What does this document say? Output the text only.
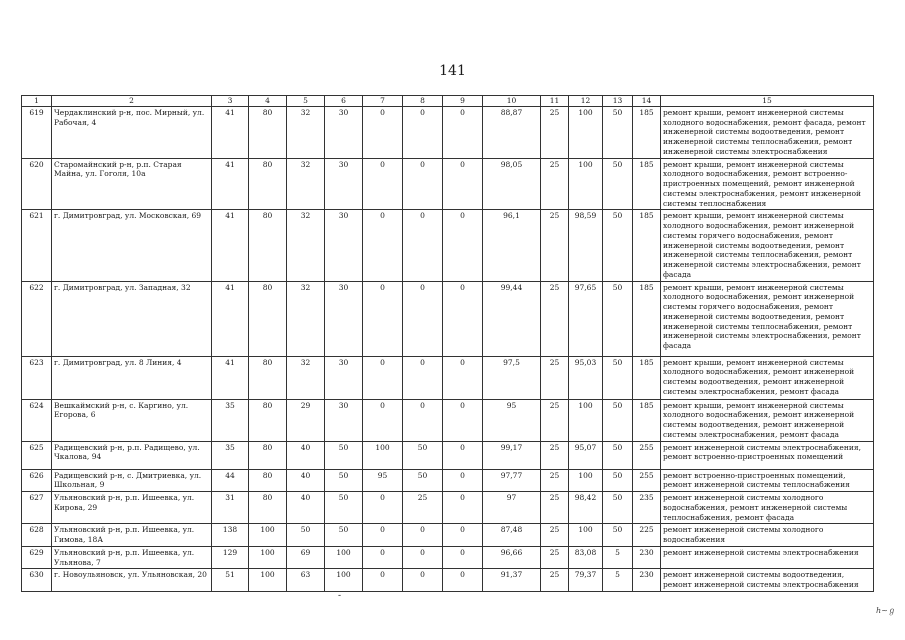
141
1	2	3	4	5	6	7	8	9	10	11	12	13	14	15
619	Чердаклинский р-н, пос. Мирный, ул. Рабочая, 4	41	80	32	30	0	0	0	88,87	25	100	50	185	ремонт крыши, ремонт инженерной системы холодного водоснабжения, ремонт фасада, ремонт инженерной системы водоотведения, ремонт инженерной системы теплоснабжения, ремонт инженерной системы электроснабжения
620	Старомайнский р-н, р.п. Старая Майна, ул. Гоголя, 10а	41	80	32	30	0	0	0	98,05	25	100	50	185	ремонт крыши, ремонт инженерной системы холодного водоснабжения, ремонт встроенно-пристроенных помещений, ремонт инженерной системы электроснабжения, ремонт инженерной системы теплоснабжения
621	г. Димитровград, ул. Московская, 69	41	80	32	30	0	0	0	96,1	25	98,59	50	185	ремонт крыши, ремонт инженерной системы холодного водоснабжения, ремонт инженерной системы горячего водоснабжения, ремонт инженерной системы водоотведения, ремонт инженерной системы теплоснабжения, ремонт инженерной системы электроснабжения, ремонт фасада
622	г. Димитровград, ул. Западная, 32	41	80	32	30	0	0	0	99,44	25	97,65	50	185	ремонт крыши, ремонт инженерной системы холодного водоснабжения, ремонт инженерной системы горячего водоснабжения, ремонт инженерной системы водоотведения, ремонт инженерной системы теплоснабжения, ремонт инженерной системы электроснабжения, ремонт фасада
623	г. Димитровград, ул. 8 Линия, 4	41	80	32	30	0	0	0	97,5	25	95,03	50	185	ремонт крыши, ремонт инженерной системы холодного водоснабжения, ремонт инженерной системы водоотведения, ремонт инженерной системы электроснабжения, ремонт фасада
624	Вешкаймский р-н, с. Каргино, ул. Егорова, 6	35	80	29	30	0	0	0	95	25	100	50	185	ремонт крыши, ремонт инженерной системы холодного водоснабжения, ремонт инженерной системы водоотведения, ремонт инженерной системы электроснабжения, ремонт фасада
625	Радищевский р-н, р.п. Радищево, ул. Чкалова, 94	35	80	40	50	100	50	0	99,17	25	95,07	50	255	ремонт инженерной системы электроснабжения, ремонт встроенно-пристроенных помещений
626	Радищевский р-н, с. Дмитриевка, ул. Школьная, 9	44	80	40	50	95	50	0	97,77	25	100	50	255	ремонт встроенно-пристроенных помещений, ремонт инженерной системы теплоснабжения
627	Ульяновский р-н, р.п. Ишеевка, ул. Кирова, 29	31	80	40	50	0	25	0	97	25	98,42	50	235	ремонт инженерной системы холодного водоснабжения, ремонт инженерной системы теплоснабжения, ремонт фасада
628	Ульяновский р-н, р.п. Ишеевка, ул. Гимова, 18А	138	100	50	50	0	0	0	87,48	25	100	50	225	ремонт инженерной системы холодного водоснабжения
629	Ульяновский р-н, р.п. Ишеевка, ул. Ульянова, 7	129	100	69	100	0	0	0	96,66	25	83,08	5	230	ремонт инженерной системы электроснабжения
630	г. Новоульяновск, ул. Ульяновская, 20	51	100	63	100	0	0	0	91,37	25	79,37	5	230	ремонт инженерной системы водоотведения, ремонт инженерной системы электроснабжения
-
ℎ~ℊ
